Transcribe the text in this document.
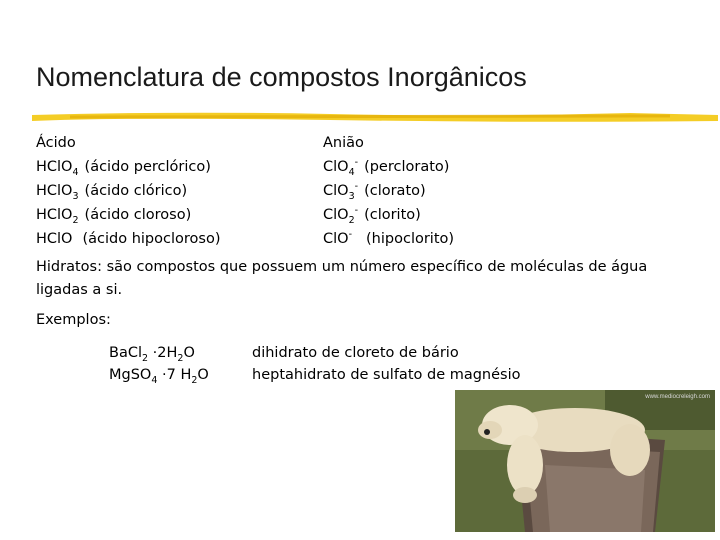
Nomenclatura de compostos Inorgânicos
Ácido
HClO$_4$ (ácido perclórico)
HClO$_3$ (ácido clórico)
HClO$_2$ (ácido cloroso)
HClO (ácido hipocloroso)
Anião
ClO$_4$- (perclorato)
ClO$_3$- (clorato)
ClO$_2$- (clorito)
ClO- (hipoclorito)
Hidratos: são compostos que possuem um número específico de moléculas de água ligadas a si.
Exemplos:
BaCl$_2$ $\cdot 2H_2O$
MgSO$_4$ ·7 $H_2O$
dihidrato de cloreto de bário
heptahidrato de sulfato de magnésio
www.mediocreleigh.com
